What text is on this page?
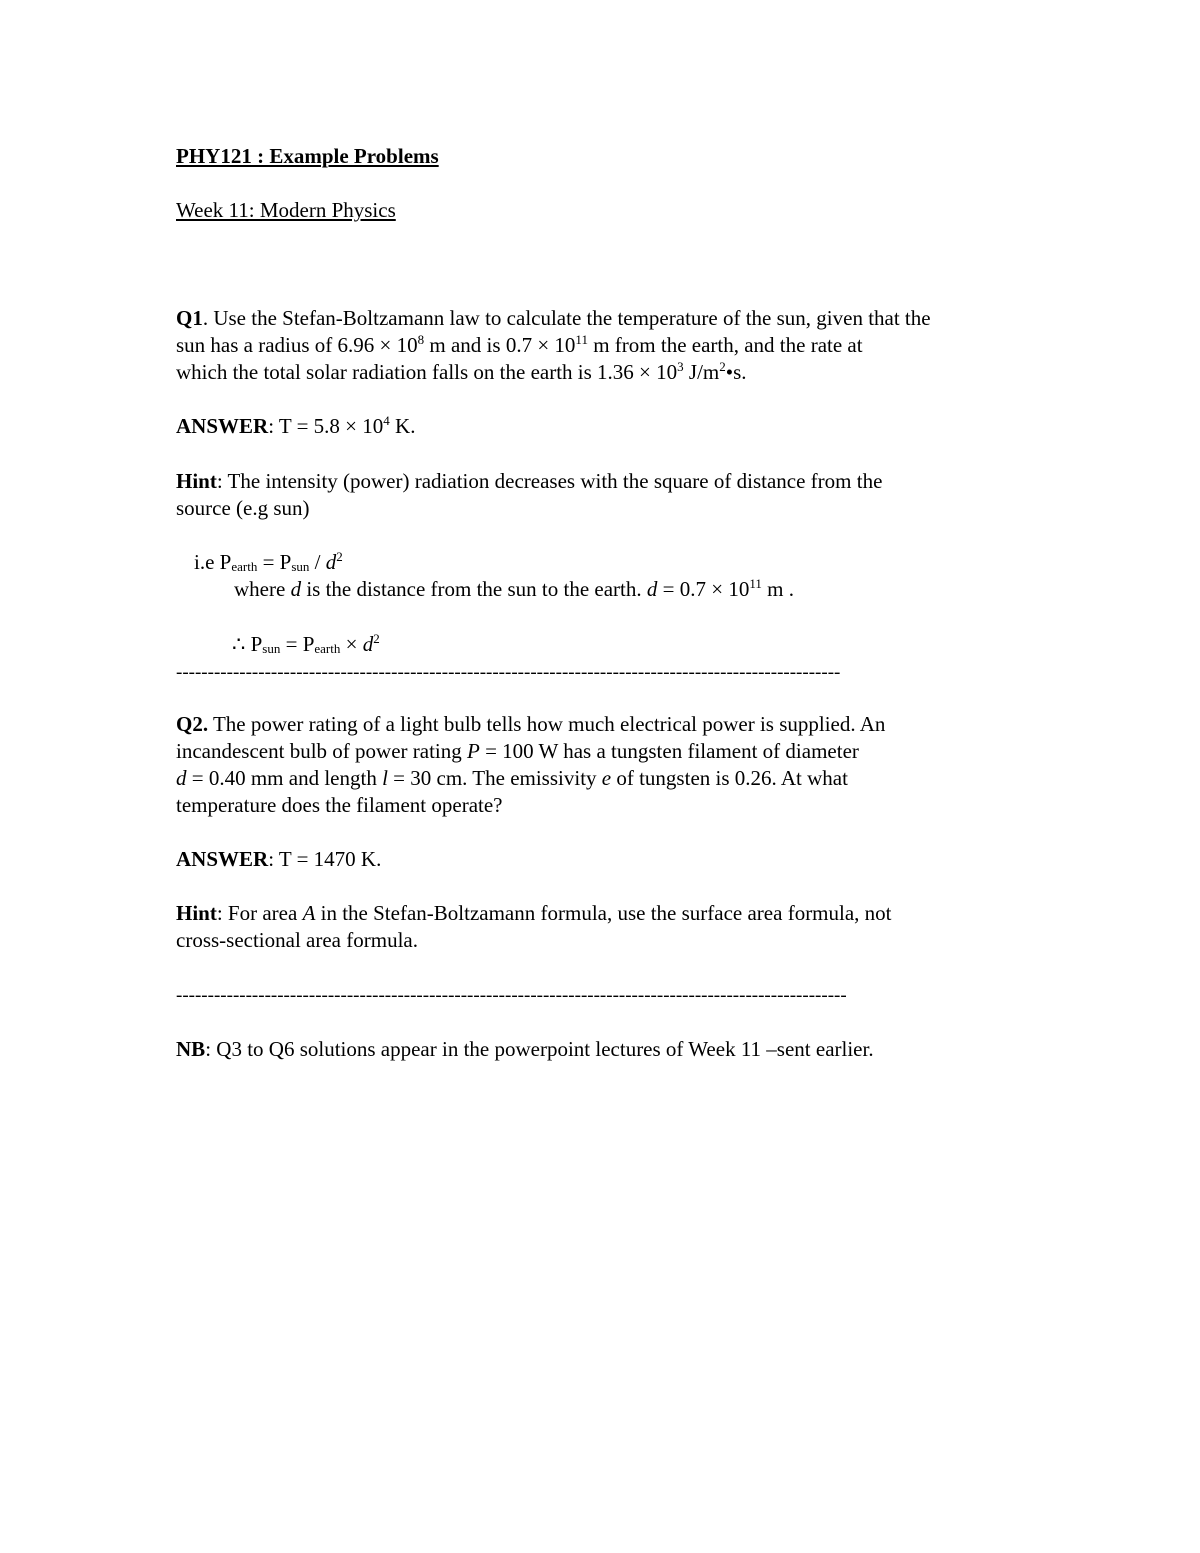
PHY121 : Example Problems
Week 11: Modern Physics
Q1. Use the Stefan-Boltzamann law to calculate the temperature of the sun, given that the
sun has a radius of $6.96 \times 10^8$ m and is $0.7 \times 10^{11}$ m from the earth, and the rate at
which the total solar radiation falls on the earth is $1.36 \times 10^3$ $J/m^2•s$.
ANSWER: $T = 5.8 \times 10^4$ K.
Hint: The intensity (power) radiation decreases with the square of distance from the
source (e.g sun)
i.e $P_{earth} = P_{sun} / d^2$
where d is the distance from the sun to the earth. $d = 0.7 \times 10^{11}$ m .
∴ $P_{sun} = P_{earth} \times d^2$
---------------------------------------------------------------------------------------------------------
Q2. The power rating of a light bulb tells how much electrical power is supplied. An
incandescent bulb of power rating P = 100 W has a tungsten filament of diameter
d = 0.40 mm and length l = 30 cm. The emissivity e of tungsten is 0.26. At what
temperature does the filament operate?
ANSWER: T = 1470 K.
Hint: For area A in the Stefan-Boltzamann formula, use the surface area formula, not
cross-sectional area formula.
----------------------------------------------------------------------------------------------------------
NB: Q3 to Q6 solutions appear in the powerpoint lectures of Week 11 –sent earlier.
